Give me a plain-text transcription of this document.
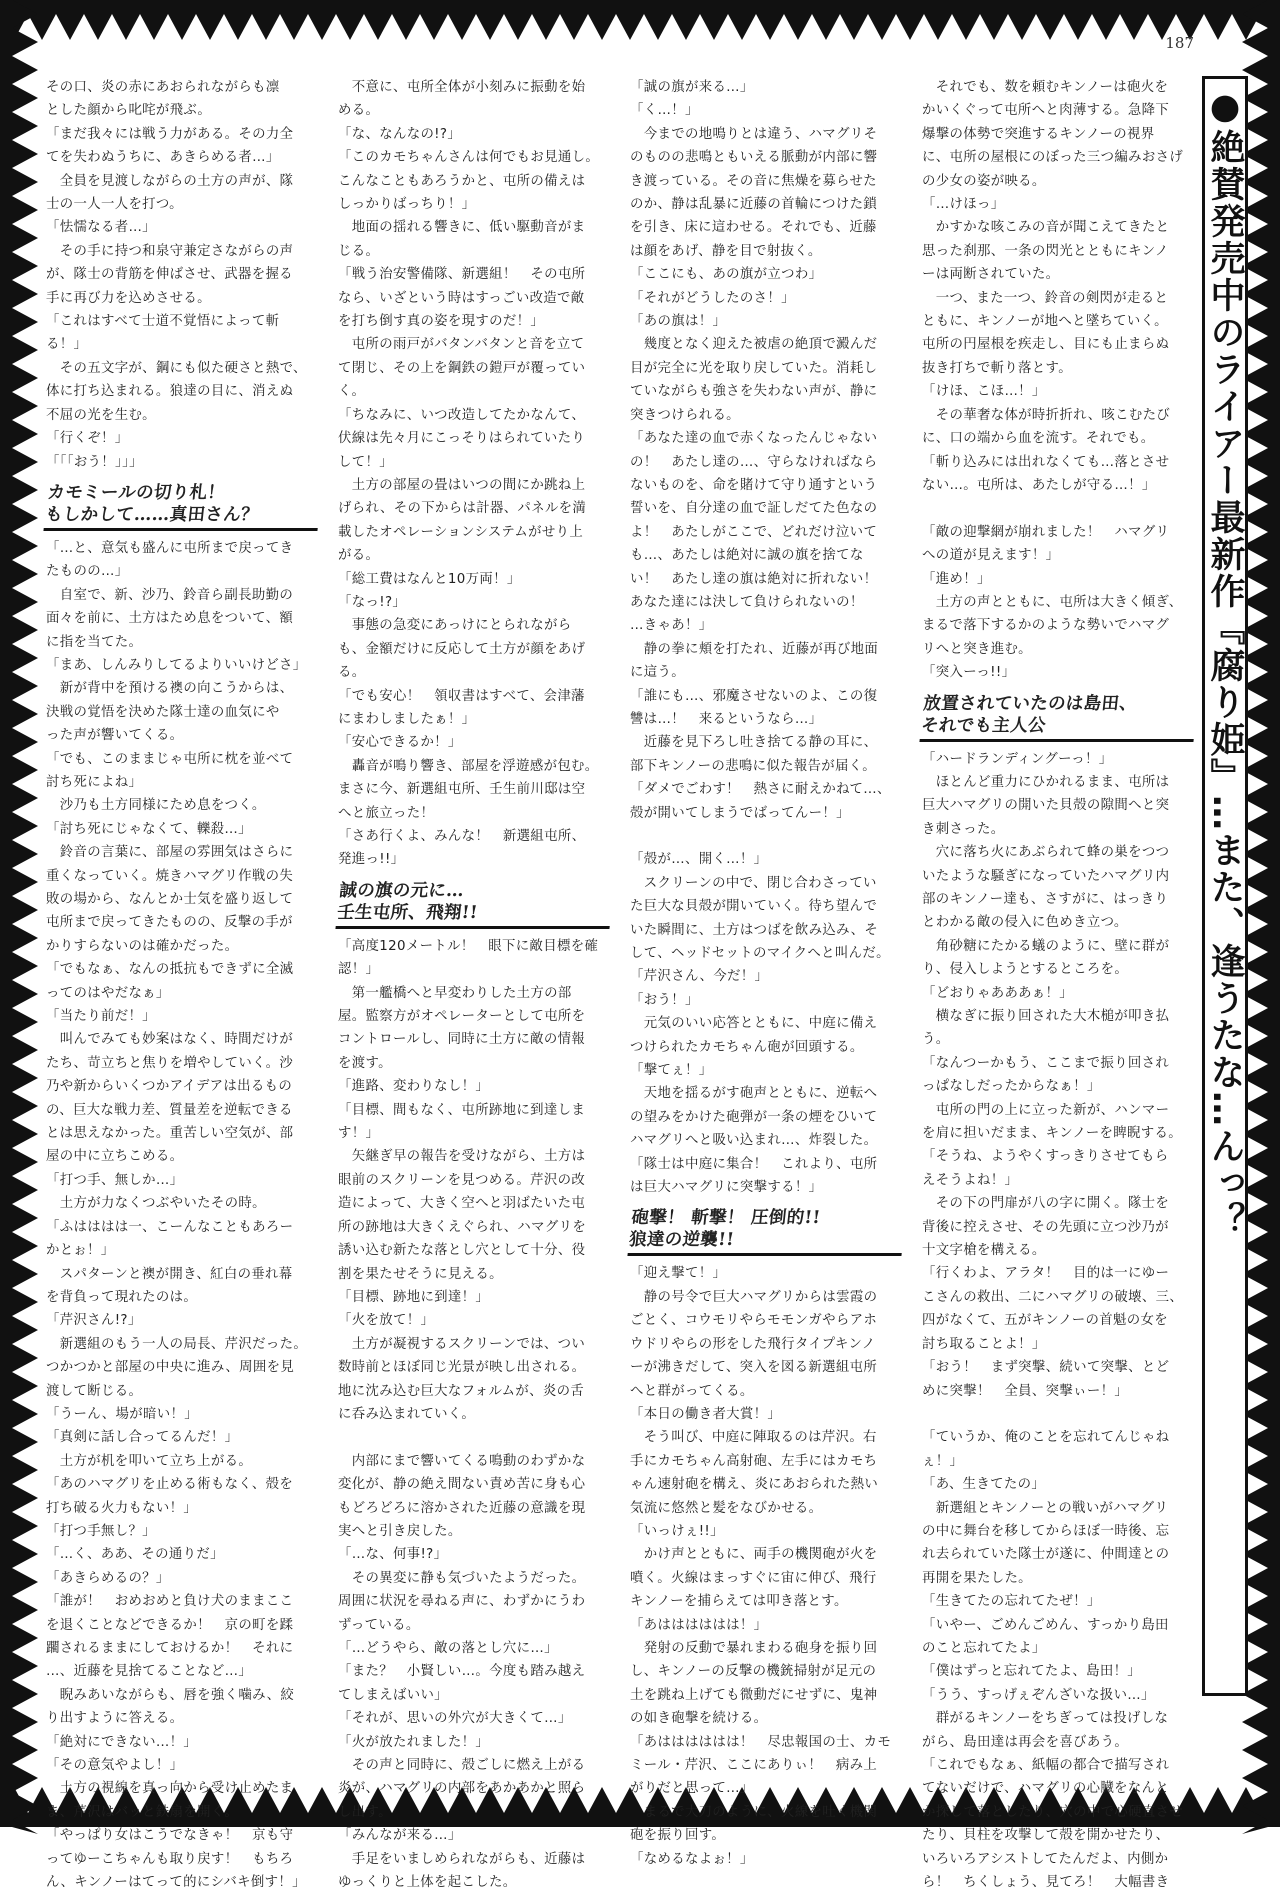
187

その口、炎の赤にあおられながらも凛

とした顔から叱咤が飛ぶ。

「まだ我々には戦う力がある。その力全

てを失わぬうちに、あきらめる者…」

　全員を見渡しながらの土方の声が、隊

士の一人一人を打つ。

「怯懦なる者…」

　その手に持つ和泉守兼定さながらの声

が、隊士の背筋を伸ばさせ、武器を握る

手に再び力を込めさせる。

「これはすべて士道不覚悟によって斬

る！」

　その五文字が、鋼にも似た硬さと熱で、

体に打ち込まれる。狼達の目に、消えぬ

不屈の光を生む。

「行くぞ！」

「「「おう！」」」

カモミールの切り札！
もしかして……真田さん？

「…と、意気も盛んに屯所まで戻ってき

たものの…」

　自室で、新、沙乃、鈴音ら副長助勤の

面々を前に、土方はため息をついて、額

に指を当てた。

「まあ、しんみりしてるよりいいけどさ」

　新が背中を預ける襖の向こうからは、

決戦の覚悟を決めた隊士達の血気にや

った声が響いてくる。

「でも、このままじゃ屯所に枕を並べて

討ち死によね」

　沙乃も土方同様にため息をつく。

「討ち死にじゃなくて、轢殺…」

　鈴音の言葉に、部屋の雰囲気はさらに

重くなっていく。焼きハマグリ作戦の失

敗の場から、なんとか士気を盛り返して

屯所まで戻ってきたものの、反撃の手が

かりすらないのは確かだった。

「でもなぁ、なんの抵抗もできずに全滅

ってのはやだなぁ」

「当たり前だ！」

　叫んでみても妙案はなく、時間だけが

たち、苛立ちと焦りを増やしていく。沙

乃や新からいくつかアイデアは出るもの

の、巨大な戦力差、質量差を逆転できる

とは思えなかった。重苦しい空気が、部

屋の中に立ちこめる。

「打つ手、無しか…」

　土方が力なくつぶやいたその時。

「ふはははは一、こーんなこともあろー

かとぉ！」

　スパターンと襖が開き、紅白の垂れ幕

を背負って現れたのは。

「芹沢さん!?」

　新選組のもう一人の局長、芹沢だった。

つかつかと部屋の中央に進み、周囲を見

渡して断じる。

「うーん、場が暗い！」

「真剣に話し合ってるんだ！」

　土方が机を叩いて立ち上がる。

「あのハマグリを止める術もなく、殻を

打ち破る火力もない！」

「打つ手無し？」

「…く、ああ、その通りだ」

「あきらめるの？」

「誰が！　おめおめと負け犬のままここ

を退くことなどできるか！　京の町を蹂

躙されるままにしておけるか！　それに

…、近藤を見捨てることなど…」

　睨みあいながらも、唇を強く噛み、絞

り出すように答える。

「絶対にできない…！」

「その意気やよし！」

　土方の視線を真っ向から受け止めたま

ま、芹沢はバッと鉄扇を開く。

「やっぱり女はこうでなきゃ！　京も守

ってゆーこちゃんも取り戻す！　もちろ

ん、キンノーはてって的にシバキ倒す！」

　不意に、屯所全体が小刻みに振動を始

める。

「な、なんなの!?」

「このカモちゃんさんは何でもお見通し。

こんなこともあろうかと、屯所の備えは

しっかりばっちり！」

　地面の揺れる響きに、低い駆動音がま

じる。

「戦う治安警備隊、新選組！　その屯所

なら、いざという時はすっごい改造で敵

を打ち倒す真の姿を現すのだ！」

　屯所の雨戸がバタンバタンと音を立て

て閉じ、その上を鋼鉄の鎧戸が覆ってい

く。

「ちなみに、いつ改造してたかなんて、

伏線は先々月にこっそりはられていたり

して！」

　土方の部屋の畳はいつの間にか跳ね上

げられ、その下からは計器、パネルを満

載したオペレーションシステムがせり上

がる。

「総工費はなんと10万両！」

「なっ!?」

　事態の急変にあっけにとられながら

も、金額だけに反応して土方が顔をあげ

る。

「でも安心！　領収書はすべて、会津藩

にまわしましたぁ！」

「安心できるか！」

　轟音が鳴り響き、部屋を浮遊感が包む。

まさに今、新選組屯所、壬生前川邸は空

へと旅立った！

「さあ行くよ、みんな！　新選組屯所、

発進っ!!」

誠の旗の元に…
壬生屯所、飛翔!!

「高度120メートル！　眼下に敵目標を確

認！」

　第一艦橋へと早変わりした土方の部

屋。監察方がオペレーターとして屯所を

コントロールし、同時に土方に敵の情報

を渡す。

「進路、変わりなし！」

「目標、間もなく、屯所跡地に到達しま

す！」

　矢継ぎ早の報告を受けながら、土方は

眼前のスクリーンを見つめる。芹沢の改

造によって、大きく空へと羽ばたいた屯

所の跡地は大きくえぐられ、ハマグリを

誘い込む新たな落とし穴として十分、役

割を果たせそうに見える。

「目標、跡地に到達！」

「火を放て！」

　土方が凝視するスクリーンでは、つい

数時前とほぼ同じ光景が映し出される。

地に沈み込む巨大なフォルムが、炎の舌

に呑み込まれていく。

　内部にまで響いてくる鳴動のわずかな

変化が、静の絶え間ない責め苦に身も心

もどろどろに溶かされた近藤の意識を現

実へと引き戻した。

「…な、何事!?」

　その異変に静も気づいたようだった。

周囲に状況を尋ねる声に、わずかにうわ

ずっている。

「…どうやら、敵の落とし穴に…」

「また？　小賢しい…。今度も踏み越え

てしまえばいい」

「それが、思いの外穴が大きくて…」

「火が放たれました！」

　その声と同時に、殻ごしに燃え上がる

炎が、ハマグリの内部をあかあかと照ら

し出す。

「みんなが来る…」

　手足をいましめられながらも、近藤は

ゆっくりと上体を起こした。

「誠の旗が来る…」

「く…！」

　今までの地鳴りとは違う、ハマグリそ

のものの悲鳴ともいえる脈動が内部に響

き渡っている。その音に焦燥を募らせた

のか、静は乱暴に近藤の首輪につけた鎖

を引き、床に這わせる。それでも、近藤

は顔をあげ、静を目で射抜く。

「ここにも、あの旗が立つわ」

「それがどうしたのさ！」

「あの旗は！」

　幾度となく迎えた被虐の絶頂で澱んだ

目が完全に光を取り戻していた。消耗し

ていながらも強さを失わない声が、静に

突きつけられる。

「あなた達の血で赤くなったんじゃない

の！　あたし達の…、守らなければなら

ないものを、命を賭けて守り通すという

誓いを、自分達の血で証しだてた色なの

よ！　あたしがここで、どれだけ泣いて

も…、あたしは絶対に誠の旗を捨てな

い！　あたし達の旗は絶対に折れない！

あなた達には決して負けられないの！

…きゃあ！」

　静の拳に頬を打たれ、近藤が再び地面

に這う。

「誰にも…、邪魔させないのよ、この復

讐は…！　来るというなら…」

　近藤を見下ろし吐き捨てる静の耳に、

部下キンノーの悲鳴に似た報告が届く。

「ダメでごわす！　熱さに耐えかねて…、

殻が開いてしまうでばってんー！」

「殻が…、開く…！」

　スクリーンの中で、閉じ合わさってい

た巨大な貝殻が開いていく。待ち望んで

いた瞬間に、土方はつばを飲み込み、そ

して、ヘッドセットのマイクへと叫んだ。

「芹沢さん、今だ！」

「おう！」

　元気のいい応答とともに、中庭に備え

つけられたカモちゃん砲が回頭する。

「撃てぇ！」

　天地を揺るがす砲声とともに、逆転へ

の望みをかけた砲弾が一条の煙をひいて

ハマグリへと吸い込まれ…、炸裂した。

「隊士は中庭に集合！　これより、屯所

は巨大ハマグリに突撃する！」

砲撃！ 斬撃！ 圧倒的!!
狼達の逆襲!!

「迎え撃て！」

　静の号令で巨大ハマグリからは雲霞の

ごとく、コウモリやらモモンガやらアホ

ウドリやらの形をした飛行タイプキンノ

ーが沸きだして、突入を図る新選組屯所

へと群がってくる。

「本日の働き者大賞！」

　そう叫び、中庭に陣取るのは芹沢。右

手にカモちゃん高射砲、左手にはカモち

ゃん速射砲を構え、炎にあおられた熱い

気流に悠然と髪をなびかせる。

「いっけぇ!!」

　かけ声とともに、両手の機関砲が火を

噴く。火線はまっすぐに宙に伸び、飛行

キンノーを捕らえては叩き落とす。

「あはははははは！」

　発射の反動で暴れまわる砲身を振り回

し、キンノーの反撃の機銃掃射が足元の

土を跳ね上げても微動だにせずに、鬼神

の如き砲撃を続ける。

「あはははははは！　尽忠報国の士、カモ

ミール・芹沢、ここにありぃ！　病み上

がりだと思って…」

　まるで大刀のように、火線を吐く機関

砲を振り回す。

「なめるなよぉ！」

　それでも、数を頼むキンノーは砲火を

かいくぐって屯所へと肉薄する。急降下

爆撃の体勢で突進するキンノーの視界

に、屯所の屋根にのぼった三つ編みおさげ

の少女の姿が映る。

「…けほっ」

　かすかな咳こみの音が聞こえてきたと

思った刹那、一条の閃光とともにキンノ

ーは両断されていた。

　一つ、また一つ、鈴音の剣閃が走ると

ともに、キンノーが地へと墜ちていく。

屯所の円屋根を疾走し、目にも止まらぬ

抜き打ちで斬り落とす。

「けほ、こほ…！」

　その華奢な体が時折折れ、咳こむたび

に、口の端から血を流す。それでも。

「斬り込みには出れなくても…落とさせ

ない…。屯所は、あたしが守る…！」

「敵の迎撃網が崩れました！　ハマグリ

への道が見えます！」

「進め！」

　土方の声とともに、屯所は大きく傾ぎ、

まるで落下するかのような勢いでハマグ

リへと突き進む。

「突入ーっ!!」

放置されていたのは島田、
それでも主人公

「ハードランディングーっ！」

　ほとんど重力にひかれるまま、屯所は

巨大ハマグリの開いた貝殻の隙間へと突

き刺さった。

　穴に落ち火にあぶられて蜂の巣をつつ

いたような騒ぎになっていたハマグリ内

部のキンノー達も、さすがに、はっきり

とわかる敵の侵入に色めき立つ。

　角砂糖にたかる蟻のように、壁に群が

り、侵入しようとするところを。

「どおりゃあああぁ！」

　横なぎに振り回された大木槌が叩き払

う。

「なんつーかもう、ここまで振り回され

っぱなしだったからなぁ！」

　屯所の門の上に立った新が、ハンマー

を肩に担いだまま、キンノーを睥睨する。

「そうね、ようやくすっきりさせてもら

えそうよね！」

　その下の門扉が八の字に開く。隊士を

背後に控えさせ、その先頭に立つ沙乃が

十文字槍を構える。

「行くわよ、アラタ！　目的は一にゆー

こさんの救出、二にハマグリの破壊、三、

四がなくて、五がキンノーの首魁の女を

討ち取ることよ！」

「おう！　まず突撃、続いて突撃、とど

めに突撃！　全員、突撃ぃー！」

「ていうか、俺のことを忘れてんじゃね

ぇ！」

「あ、生きてたの」

　新選組とキンノーとの戦いがハマグリ

の中に舞台を移してからほぼ一時後、忘

れ去られていた隊士が遂に、仲間達との

再開を果たした。

「生きてたの忘れてたぜ！」

「いやー、ごめんごめん、すっかり島田

のこと忘れてたよ」

「僕はずっと忘れてたよ、島田！」

「うう、すっげぇぞんざいな扱い…」

　群がるキンノーをちぎっては投げしな

がら、島田達は再会を喜びあう。

「これでもなぁ、紙幅の都合で描写され

てないだけで、ハマグリの心臓をなんと

か探して落としたり、穴の中で心硬直させ

たり、貝柱を攻撃して殻を開かせたり、

いろいろアシストしてたんだよ、内側か

ら！　ちくしょう、見てろ！　大幅書き

●絶賛発売中のライアー最新作『腐り姫』…また、逢うたな…んっ？
